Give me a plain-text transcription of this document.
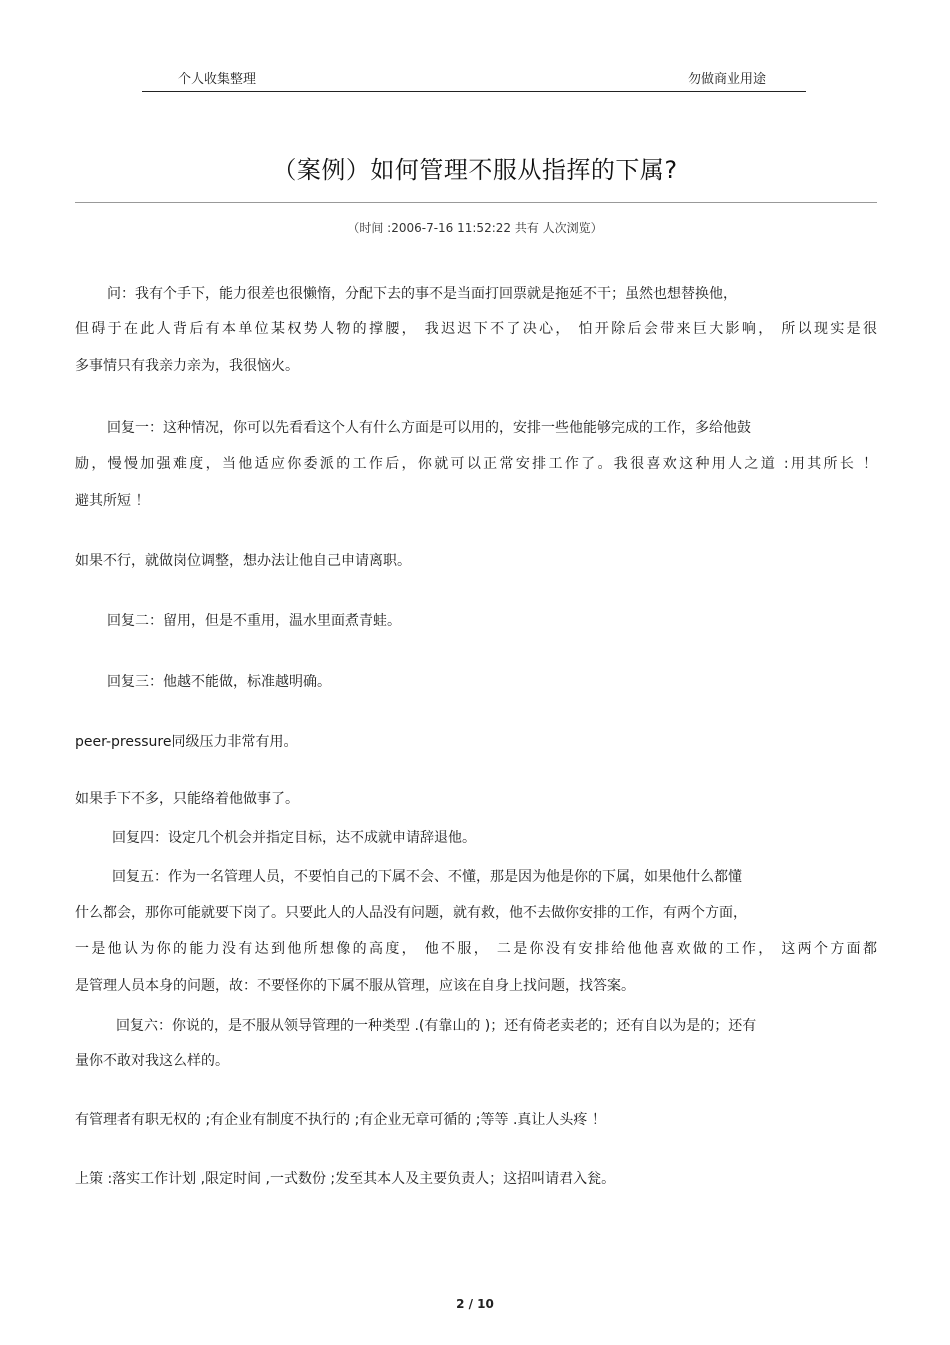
个人收集整理	勿做商业用途
（案例）如何管理不服从指挥的下属?
（时间 :2006-7-16 11:52:22 共有 人次浏览）
问：我有个手下，能力很差也很懒惰，分配下去的事不是当面打回票就是拖延不干；虽然也想替换他，
但碍于在此人背后有本单位某权势人物的撑腰， 我迟迟下不了决心， 怕开除后会带来巨大影响， 所以现实是很
多事情只有我亲力亲为，我很恼火。
回复一：这种情况，你可以先看看这个人有什么方面是可以用的，安排一些他能够完成的工作，多给他鼓
励，慢慢加强难度，当他适应你委派的工作后，你就可以正常安排工作了。我很喜欢这种用人之道 :用其所长 ！
避其所短 ！
如果不行，就做岗位调整，想办法让他自己申请离职。
回复二：留用，但是不重用，温水里面煮青蛙。
回复三：他越不能做，标准越明确。
peer-pressure同级压力非常有用。
如果手下不多，只能络着他做事了。
回复四：设定几个机会并指定目标，达不成就申请辞退他。
回复五：作为一名管理人员，不要怕自己的下属不会、不懂，那是因为他是你的下属，如果他什么都懂
什么都会，那你可能就要下岗了。只要此人的人品没有问题，就有救，他不去做你安排的工作，有两个方面，
一是他认为你的能力没有达到他所想像的高度， 他不服， 二是你没有安排给他他喜欢做的工作， 这两个方面都
是管理人员本身的问题，故：不要怪你的下属不服从管理，应该在自身上找问题，找答案。
回复六：你说的，是不服从领导管理的一种类型 .(有靠山的 )；还有倚老卖老的；还有自以为是的；还有
量你不敢对我这么样的。
有管理者有职无权的 ;有企业有制度不执行的 ;有企业无章可循的 ;等等 .真让人头疼 ！
上策 :落实工作计划 ,限定时间 ,一式数份 ;发至其本人及主要负责人；这招叫请君入瓮。
2 / 10
